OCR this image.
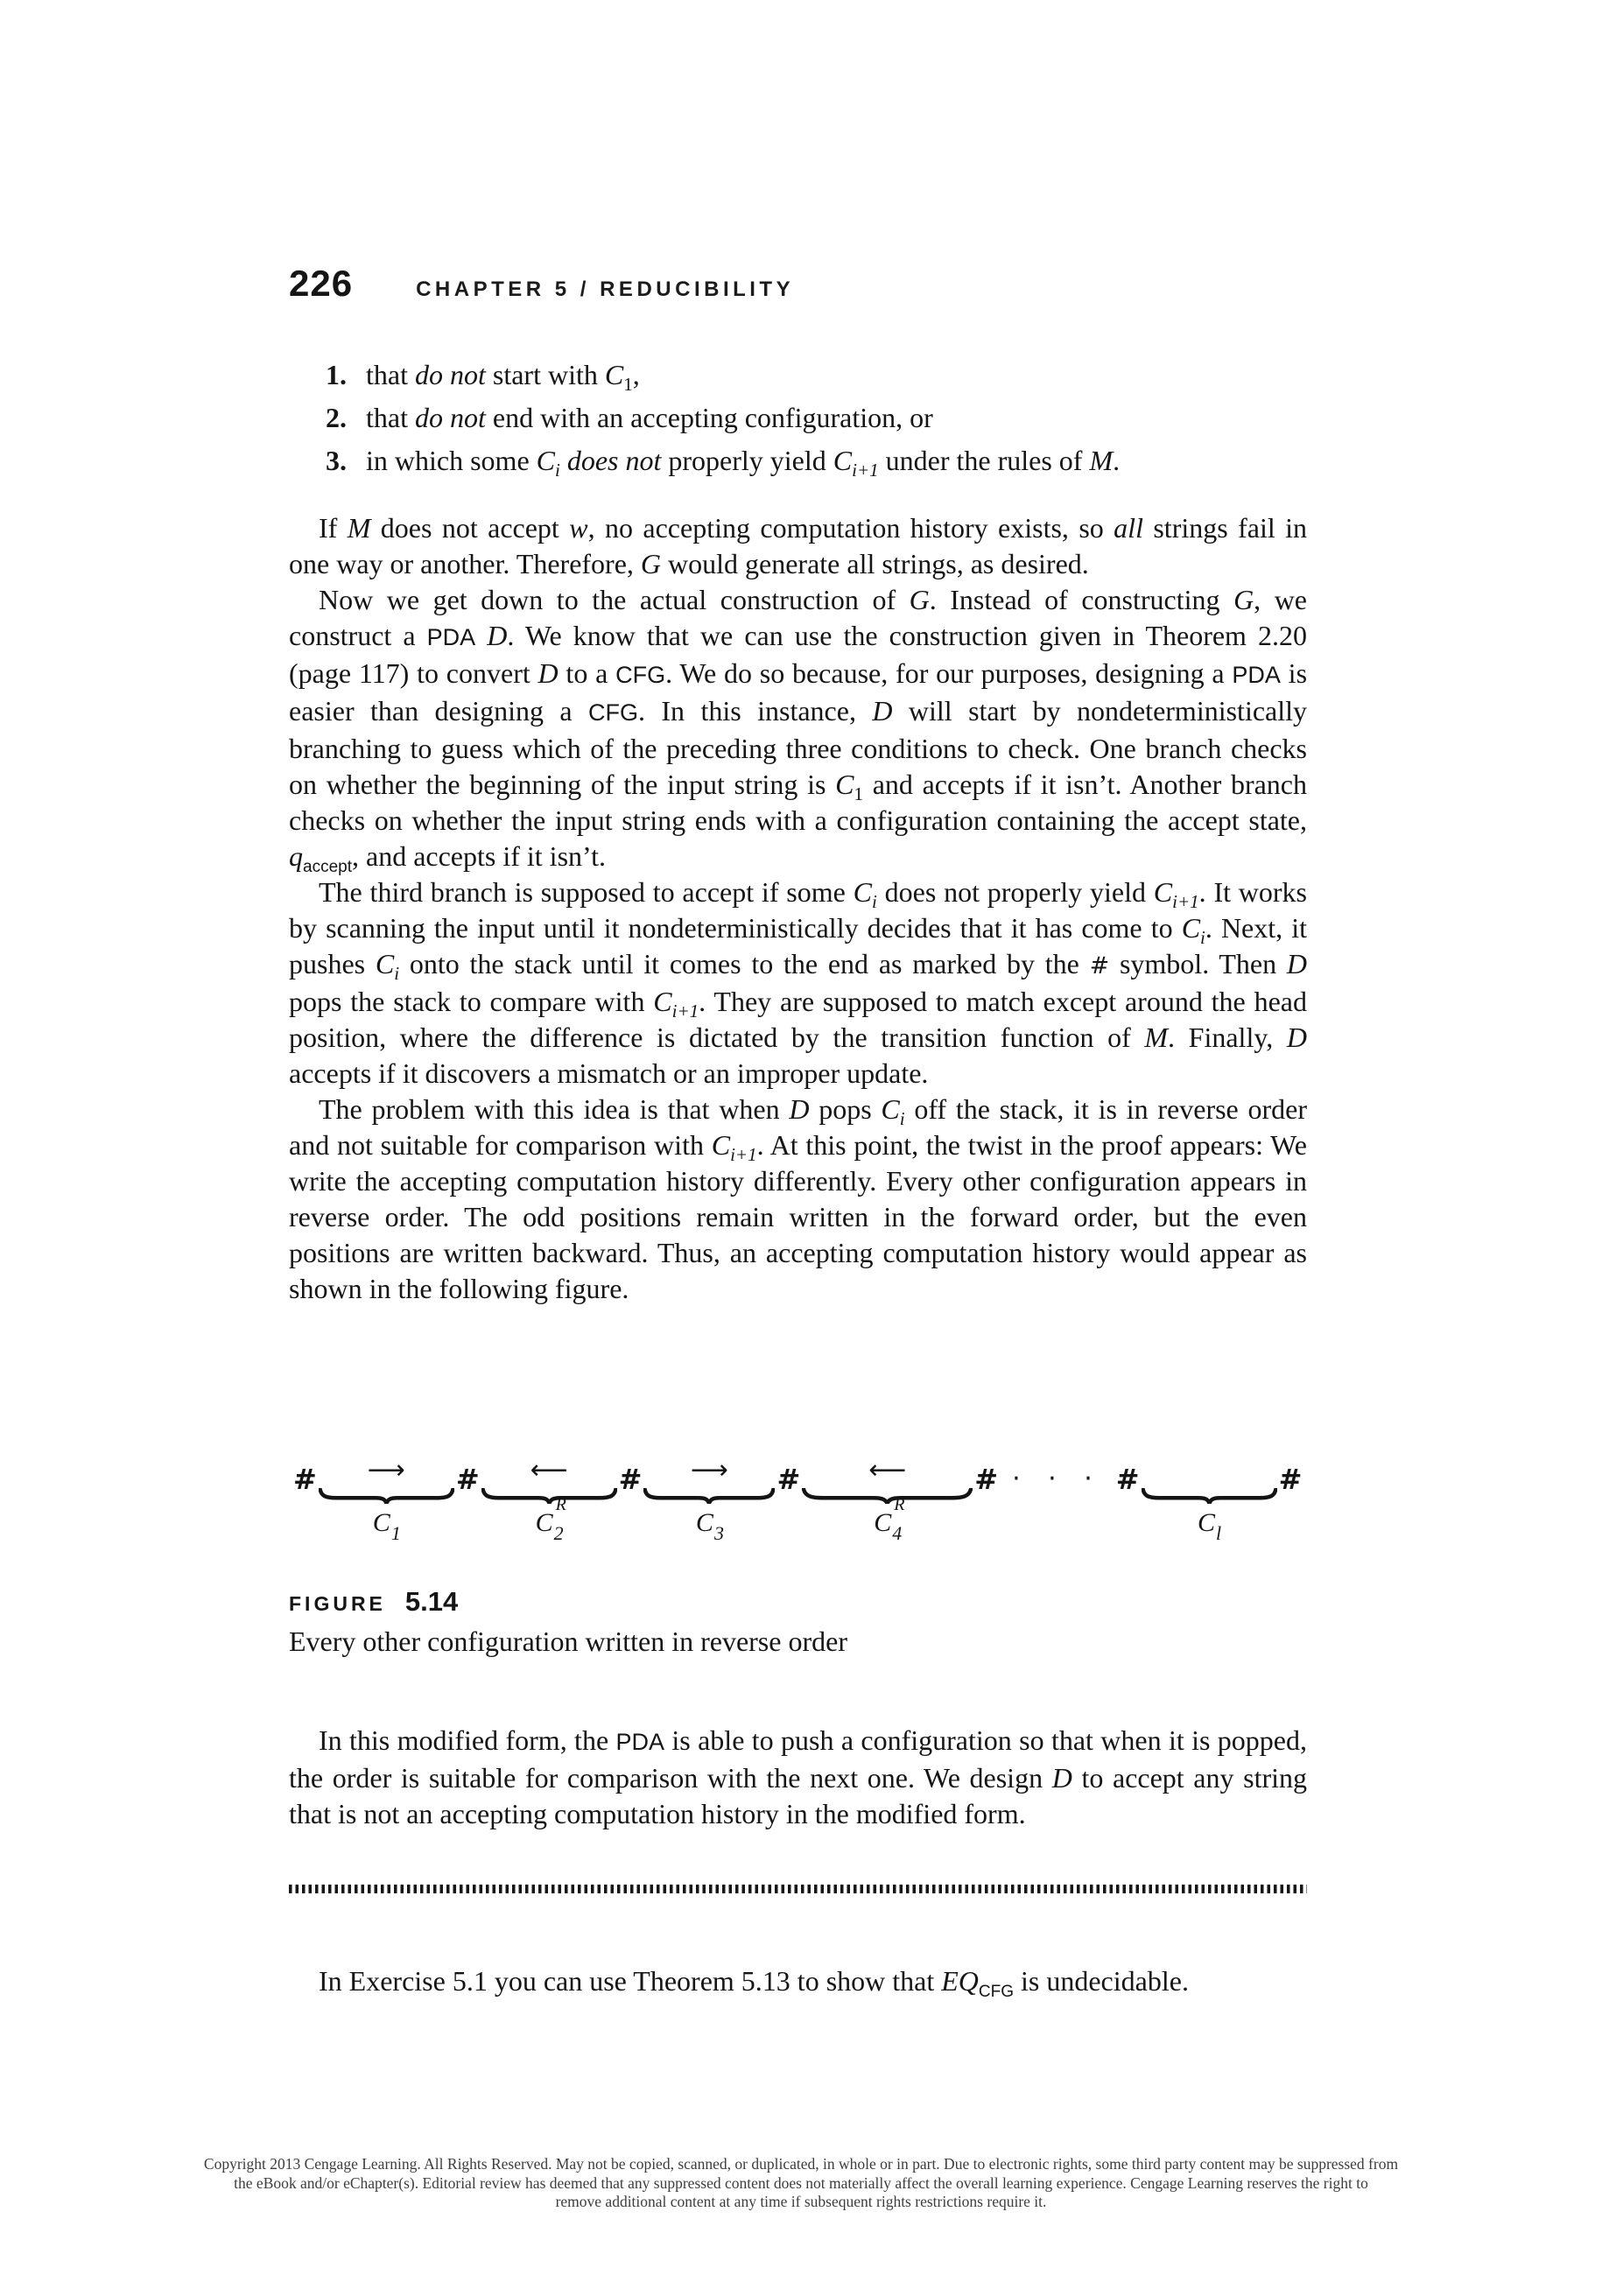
226	CHAPTER 5 / REDUCIBILITY
1. that do not start with $C_1$,
2. that do not end with an accepting configuration, or
3. in which some $C_i$ does not properly yield $C_{i+1}$ under the rules of M.

If M does not accept w, no accepting computation history exists, so all strings fail in one way or another. Therefore, G would generate all strings, as desired.

Now we get down to the actual construction of G. Instead of constructing G, we construct a PDA D. We know that we can use the construction given in Theorem 2.20 (page 117) to convert D to a CFG. We do so because, for our purposes, designing a PDA is easier than designing a CFG. In this instance, D will start by nondeterministically branching to guess which of the preceding three conditions to check. One branch checks on whether the beginning of the input string is $C_1$ and accepts if it isn’t. Another branch checks on whether the input string ends with a configuration containing the accept state, $q_{accept}$, and accepts if it isn’t.

The third branch is supposed to accept if some $C_i$ does not properly yield $C_{i+1}$. It works by scanning the input until it nondeterministically decides that it has come to $C_i$. Next, it pushes $C_i$ onto the stack until it comes to the end as marked by the # symbol. Then D pops the stack to compare with $C_{i+1}$. They are supposed to match except around the head position, where the difference is dictated by the transition function of M. Finally, D accepts if it discovers a mismatch or an improper update.

The problem with this idea is that when D pops $C_i$ off the stack, it is in reverse order and not suitable for comparison with $C_{i+1}$. At this point, the twist in the proof appears: We write the accepting computation history differently. Every other configuration appears in reverse order. The odd positions remain written in the forward order, but the even positions are written backward. Thus, an accepting computation history would appear as shown in the following figure.

#	⟶
$C_1$
#	⟵
C
R
$_2$
#	⟶
$C_3$
#	⟵
C
R
$_4$
# · · · #
$C_l$
#
FIGURE 5.14
Every other configuration written in reverse order

In this modified form, the PDA is able to push a configuration so that when it is popped, the order is suitable for comparison with the next one. We design D to accept any string that is not an accepting computation history in the modified form.

In Exercise 5.1 you can use Theorem 5.13 to show that $EQ_{CFG}$ is undecidable.

Copyright 2013 Cengage Learning. All Rights Reserved. May not be copied, scanned, or duplicated, in whole or in part. Due to electronic rights, some third party content may be suppressed from
the eBook and/or eChapter(s). Editorial review has deemed that any suppressed content does not materially affect the overall learning experience. Cengage Learning reserves the right to
remove additional content at any time if subsequent rights restrictions require it.
